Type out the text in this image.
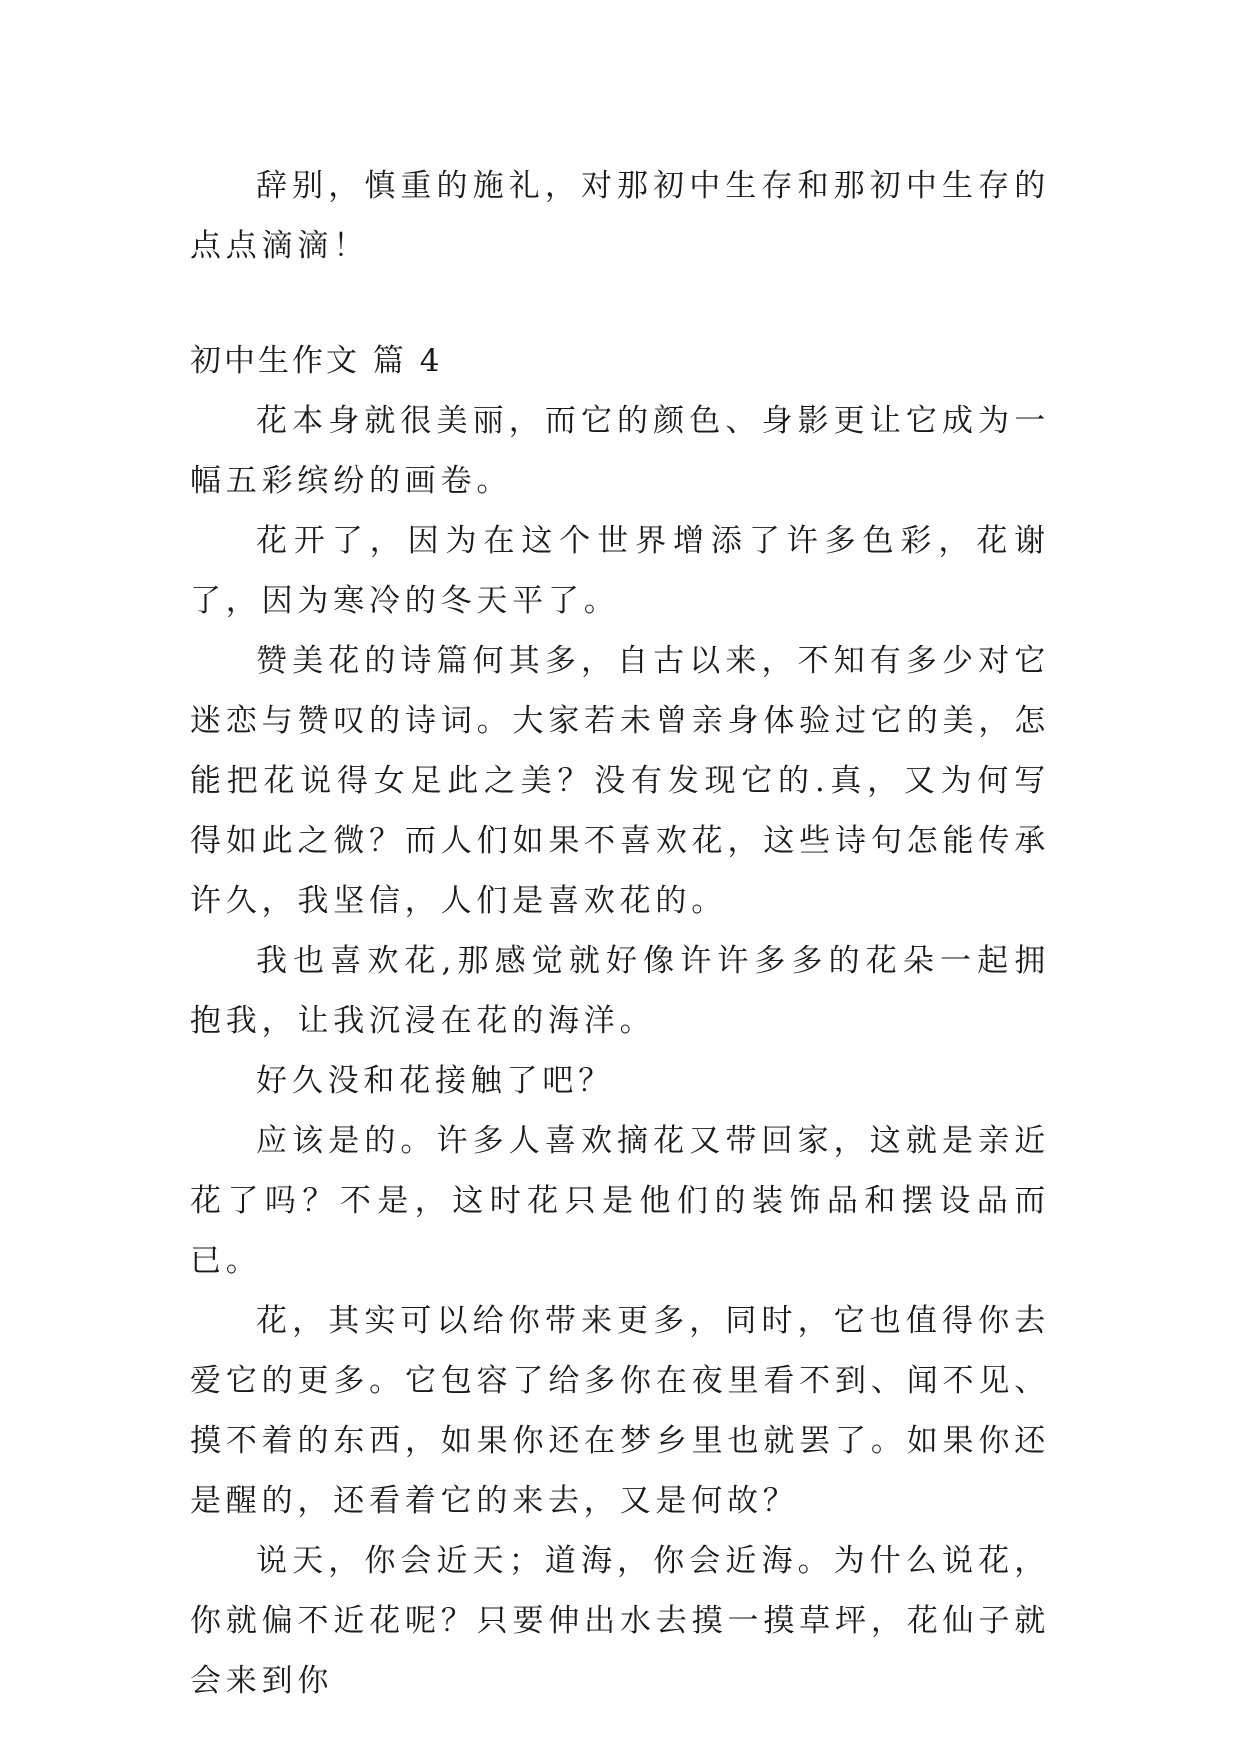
辞别，慎重的施礼，对那初中生存和那初中生存的点点滴滴！

初中生作文 篇 4

花本身就很美丽，而它的颜色、身影更让它成为一幅五彩缤纷的画卷。

花开了，因为在这个世界增添了许多色彩，花谢了，因为寒冷的冬天平了。

赞美花的诗篇何其多，自古以来，不知有多少对它迷恋与赞叹的诗词。大家若未曾亲身体验过它的美，怎能把花说得女足此之美？没有发现它的.真，又为何写得如此之微？而人们如果不喜欢花，这些诗句怎能传承许久，我坚信，人们是喜欢花的。

我也喜欢花,那感觉就好像许许多多的花朵一起拥抱我，让我沉浸在花的海洋。

好久没和花接触了吧？

应该是的。许多人喜欢摘花又带回家，这就是亲近花了吗？不是，这时花只是他们的装饰品和摆设品而已。

花，其实可以给你带来更多，同时，它也值得你去爱它的更多。它包容了给多你在夜里看不到、闻不见、摸不着的东西，如果你还在梦乡里也就罢了。如果你还是醒的，还看着它的来去，又是何故？

说天，你会近天；道海，你会近海。为什么说花，你就偏不近花呢？只要伸出水去摸一摸草坪，花仙子就会来到你
